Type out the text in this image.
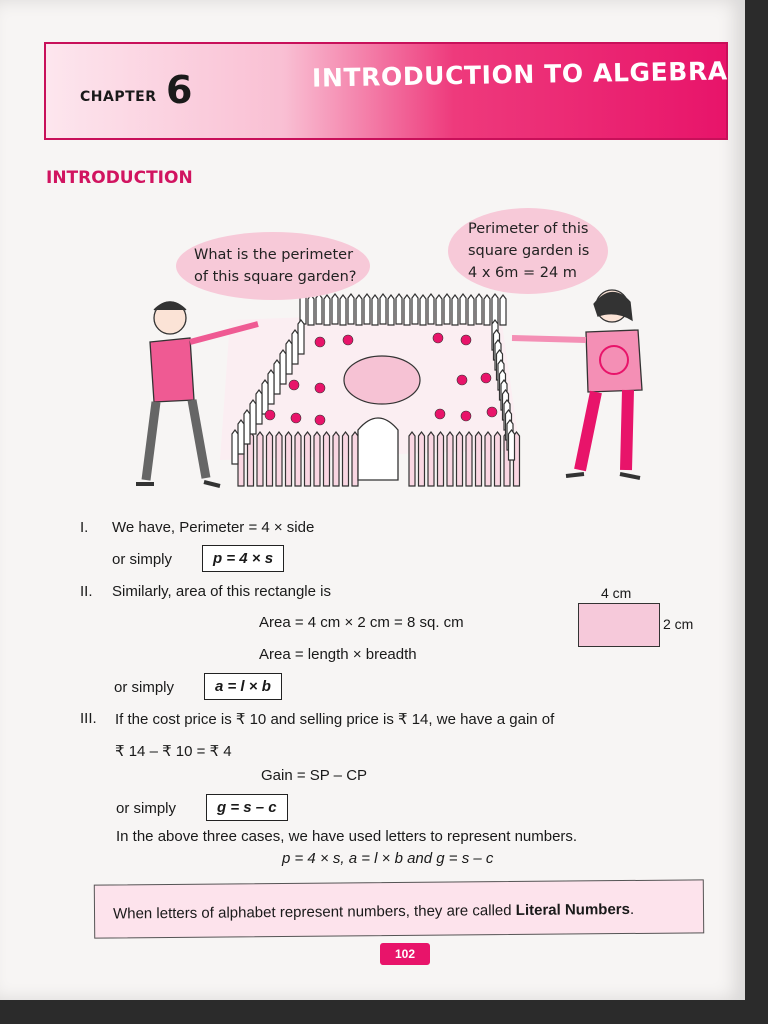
CHAPTER 6	INTRODUCTION TO ALGEBRA
INTRODUCTION
What is the perimeter
of this square garden?
Perimeter of this
square garden is
4 x 6m = 24 m
I. We have, Perimeter = 4 × side
or simply	p = 4 × s
II. Similarly, area of this rectangle is	4 cm
2 cm
Area = 4 cm × 2 cm = 8 sq. cm
Area = length × breadth
or simply	a = l × b
III. If the cost price is ₹ 10 and selling price is ₹ 14, we have a gain of
₹ 14 – ₹ 10 = ₹ 4
Gain = SP – CP
or simply	g = s – c
In the above three cases, we have used letters to represent numbers.
p = 4 × s, a = l × b and g = s – c
When letters of alphabet represent numbers, they are called Literal Numbers.
102
